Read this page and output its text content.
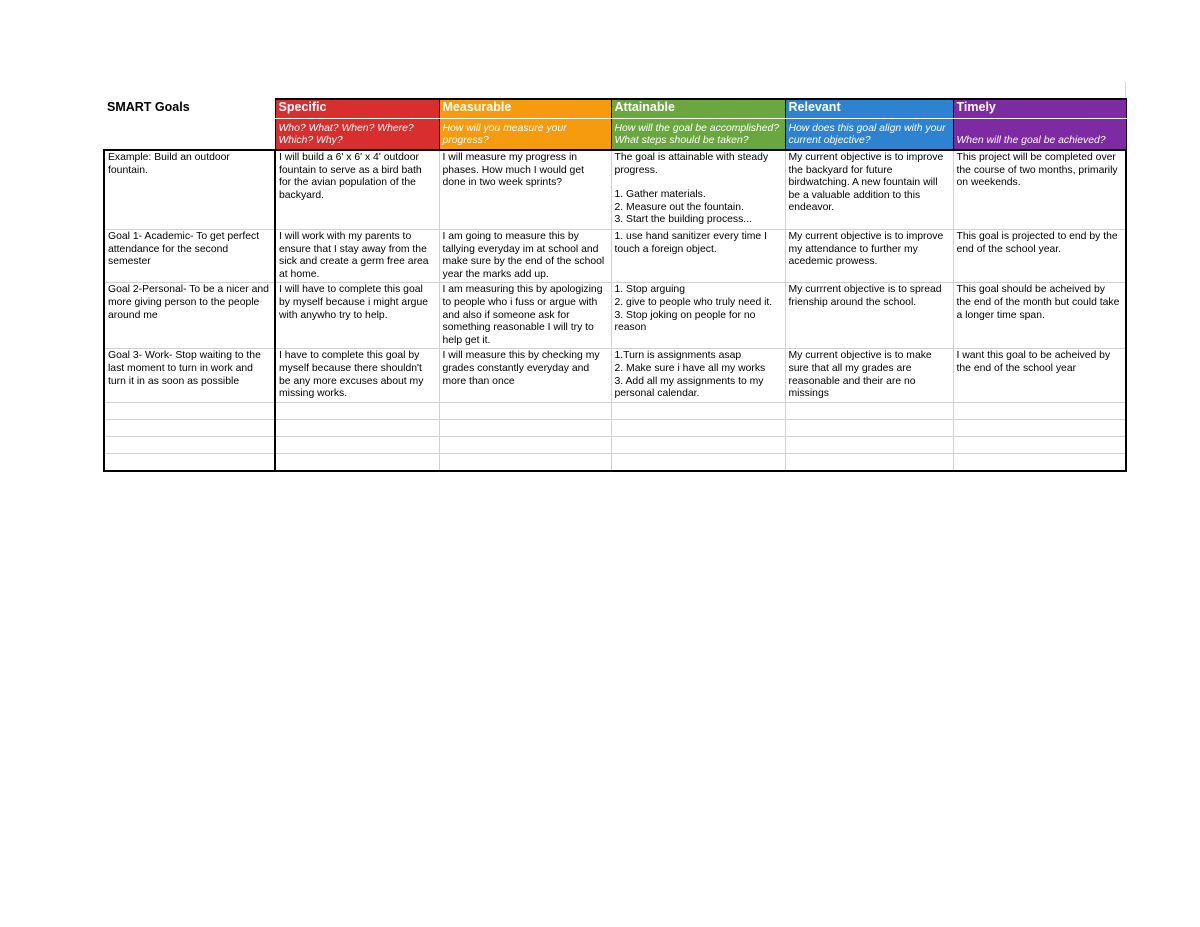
SMART Goals	Specific	Measurable	Attainable	Relevant	Timely
	Who? What? When? Where? Which? Why?	How will you measure your progress?	How will the goal be accomplished? What steps should be taken?	How does this goal align with your current objective?	When will the goal be achieved?
Example: Build an outdoor fountain.	I will build a 6' x 6' x 4' outdoor fountain to serve as a bird bath for the avian population of the backyard.	I will measure my progress in phases. How much I would get done in two week sprints?	The goal is attainable with steady progress.
1. Gather materials.
2. Measure out the fountain.
3. Start the building process...	My current objective is to improve the backyard for future birdwatching. A new fountain will be a valuable addition to this endeavor.	This project will be completed over the course of two months, primarily on weekends.
Goal 1- Academic- To get perfect attendance for the second semester	I will work with my parents to ensure that I stay away from the sick and create a germ free area at home.	I am going to measure this by tallying everyday im at school and make sure by the end of the school year the marks add up.	1. use hand sanitizer every time I touch a foreign object.	My current objective is to improve my attendance to further my acedemic prowess.	This goal is projected to end by the end of the school year.
Goal 2-Personal- To be a nicer and more giving person to the people around me	I will have to complete this goal by myself because i might argue with anywho try to help.	I am measuring this by apologizing to people who i fuss or argue with and also if someone ask for something reasonable I will try to help get it.	1. Stop arguing
2. give to people who truly need it.
3. Stop joking on people for no reason	My currrent objective is to spread frienship around the school.	This goal should be acheived by the end of the month but could take a longer time span.
Goal 3- Work- Stop waiting to the last moment to turn in work and turn it in as soon as possible	I have to complete this goal by myself because there shouldn't be any more excuses about my missing works.	I will measure this by checking my grades constantly everyday and more than once	1.Turn is assignments asap
2. Make sure i have all my works
3. Add all my assignments to my personal calendar.	My current objective is to make sure that all my grades are reasonable and their are no missings	I want this goal to be acheived by the end of the school year
